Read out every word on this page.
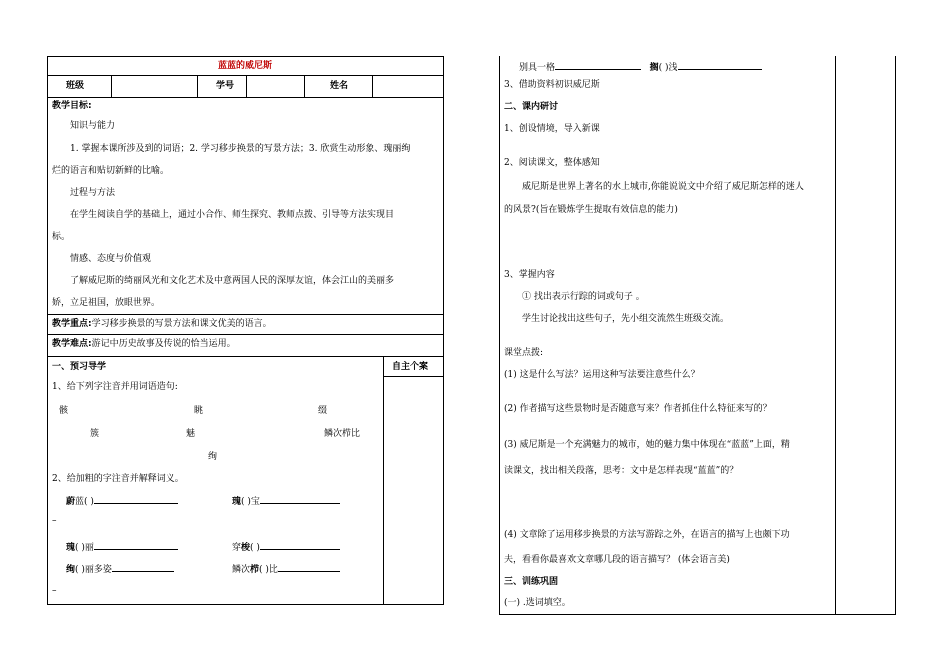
蓝蓝的威尼斯
班级	学号	姓名
教学目标:
知识与能力
1. 掌握本课所涉及到的词语；2. 学习移步换景的写景方法；3. 欣赏生动形象、瑰丽绚
烂的语言和贴切新鲜的比喻。
过程与方法
在学生阅读自学的基础上，通过小合作、师生探究、教师点拨、引导等方法实现目
标。
情感、态度与价值观
了解威尼斯的绮丽风光和文化艺术及中意两国人民的深厚友谊，体会江山的美丽多
娇，立足祖国，放眼世界。
教学重点:学习移步换景的写景方法和课文优美的语言。
教学难点:游记中历史故事及传说的恰当运用。
一、预习导学	自主个案
1、给下列字注音并用词语造句:
骸	眺	缀
簇	魅	鳞次栉比
绚
2、给加粗的字注音并解释词义。
蔚蓝( )	瑰( )宝
–
瑰( )丽	穿梭( )
绚( )丽多姿	鳞次栉( )比
–
别具一格	搁( )浅
3、借助资料初识威尼斯
二、课内研讨
1、创设情境，导入新课
2、阅读课文，整体感知
威尼斯是世界上著名的水上城市,你能说说文中介绍了威尼斯怎样的迷人
的风景?(旨在锻炼学生提取有效信息的能力)
3、掌握内容
① 找出表示行踪的词或句子 。
学生讨论找出这些句子，先小组交流然生班级交流。
课堂点拨:
(1) 这是什么写法？运用这种写法要注意些什么？
(2) 作者描写这些景物时是否随意写来？作者抓住什么特征来写的？
(3) 威尼斯是一个充满魅力的城市，她的魅力集中体现在“蓝蓝”上面，精
读课文，找出相关段落，思考：文中是怎样表现“蓝蓝”的？
(4) 文章除了运用移步换景的方法写游踪之外，在语言的描写上也颇下功
夫，看看你最喜欢文章哪几段的语言描写？ (体会语言美)
三、训练巩固
(一) .选词填空。
